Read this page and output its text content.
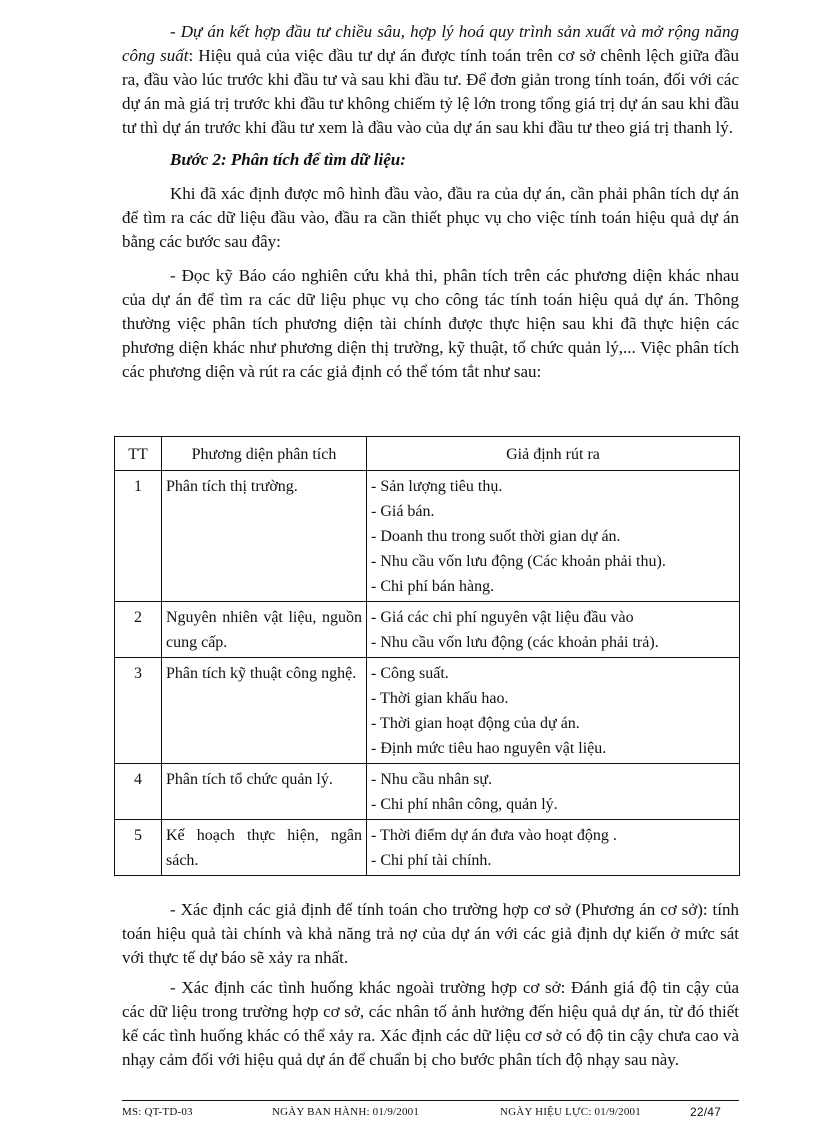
- Dự án kết hợp đầu tư chiều sâu, hợp lý hoá quy trình sản xuất và mở rộng năng công suất: Hiệu quả của việc đầu tư dự án được tính toán trên cơ sở chênh lệch giữa đầu ra, đầu vào lúc trước khi đầu tư và sau khi đầu tư. Để đơn giản trong tính toán, đối với các dự án mà giá trị trước khi đầu tư không chiếm tỷ lệ lớn trong tổng giá trị dự án sau khi đầu tư thì dự án trước khi đầu tư xem là đầu vào của dự án sau khi đầu tư theo giá trị thanh lý.

Bước 2: Phân tích để tìm dữ liệu:

Khi đã xác định được mô hình đầu vào, đầu ra của dự án, cần phải phân tích dự án để tìm ra các dữ liệu đầu vào, đầu ra cần thiết phục vụ cho việc tính toán hiệu quả dự án bằng các bước sau đây:

- Đọc kỹ Báo cáo nghiên cứu khả thi, phân tích trên các phương diện khác nhau của dự án để tìm ra các dữ liệu phục vụ cho công tác tính toán hiệu quả dự án. Thông thường việc phân tích phương diện tài chính được thực hiện sau khi đã thực hiện các phương diện khác như phương diện thị trường, kỹ thuật, tổ chức quản lý,... Việc phân tích các phương diện và rút ra các giả định có thể tóm tắt như sau:

TT	Phương diện phân tích	Giả định rút ra
1	Phân tích thị trường.	- Sản lượng tiêu thụ.
- Giá bán.
- Doanh thu trong suốt thời gian dự án.
- Nhu cầu vốn lưu động (Các khoản phải thu).
- Chi phí bán hàng.

2	Nguyên nhiên vật liệu, nguồn cung cấp.	- Giá các chi phí nguyên vật liệu đầu vào
- Nhu cầu vốn lưu động (các khoản phải trả).

3	Phân tích kỹ thuật công nghệ.	- Công suất.
- Thời gian khấu hao.
- Thời gian hoạt động của dự án.
- Định mức tiêu hao nguyên vật liệu.

4	Phân tích tổ chức quản lý.	- Nhu cầu nhân sự.
- Chi phí nhân công, quản lý.

5	Kế hoạch thực hiện, ngân sách.	- Thời điểm dự án đưa vào hoạt động .
- Chi phí tài chính.

- Xác định các giả định để tính toán cho trường hợp cơ sở (Phương án cơ sở): tính toán hiệu quả tài chính và khả năng trả nợ của dự án với các giả định dự kiến ở mức sát với thực tế dự báo sẽ xảy ra nhất.

- Xác định các tình huống khác ngoài trường hợp cơ sở: Đánh giá độ tin cậy của các dữ liệu trong trường hợp cơ sở, các nhân tố ảnh hưởng đến hiệu quả dự án, từ đó thiết kế các tình huống khác có thể xảy ra. Xác định các dữ liệu cơ sở có độ tin cậy chưa cao và nhạy cảm đối với hiệu quả dự án để chuẩn bị cho bước phân tích độ nhạy sau này.

MS: QT-TD-03	NGÀY BAN HÀNH: 01/9/2001	NGÀY HIỆU LỰC: 01/9/2001	22/47
